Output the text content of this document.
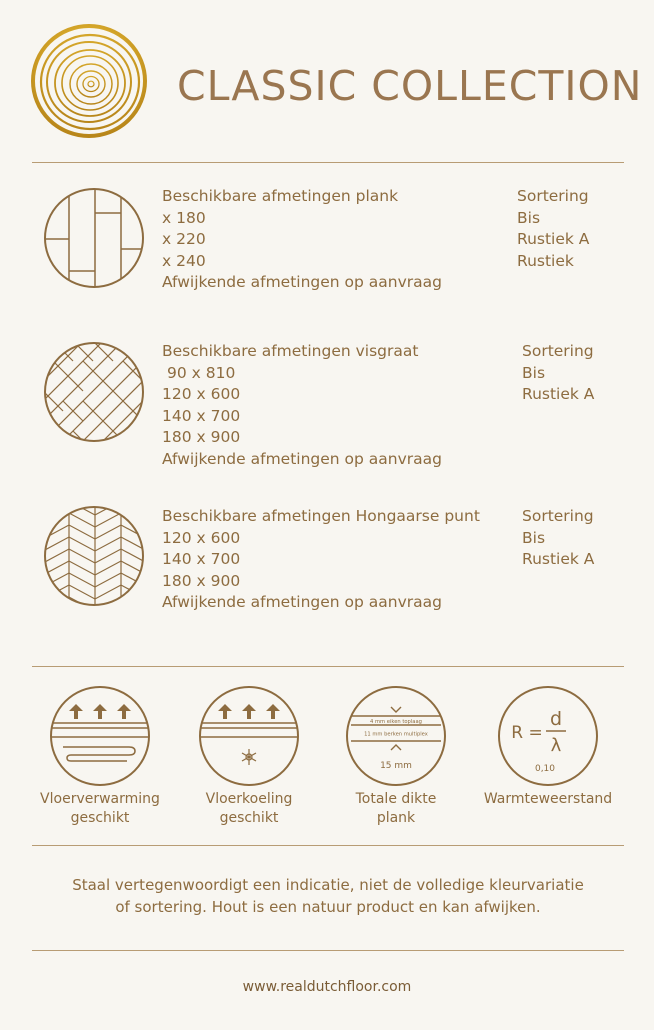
CLASSIC COLLECTION
Beschikbare afmetingen plank
x 180
x 220
x 240
Afwijkende afmetingen op aanvraag
Sortering
Bis
Rustiek A
Rustiek
Beschikbare afmetingen visgraat
90 x 810
120 x 600
140 x 700
180 x 900
Afwijkende afmetingen op aanvraag
Sortering
Bis
Rustiek A
Beschikbare afmetingen Hongaarse punt
120 x 600
140 x 700
180 x 900
Afwijkende afmetingen op aanvraag
Sortering
Bis
Rustiek A
Vloerverwarming
geschikt
Vloerkoeling
geschikt
4 mm eiken toplaag
11 mm berken multiplex
15 mm
Totale dikte
plank
R =
d
λ
0,10
Warmteweerstand
Staal vertegenwoordigt een indicatie, niet de volledige kleurvariatie
of sortering. Hout is een natuur product en kan afwijken.
www.realdutchfloor.com
